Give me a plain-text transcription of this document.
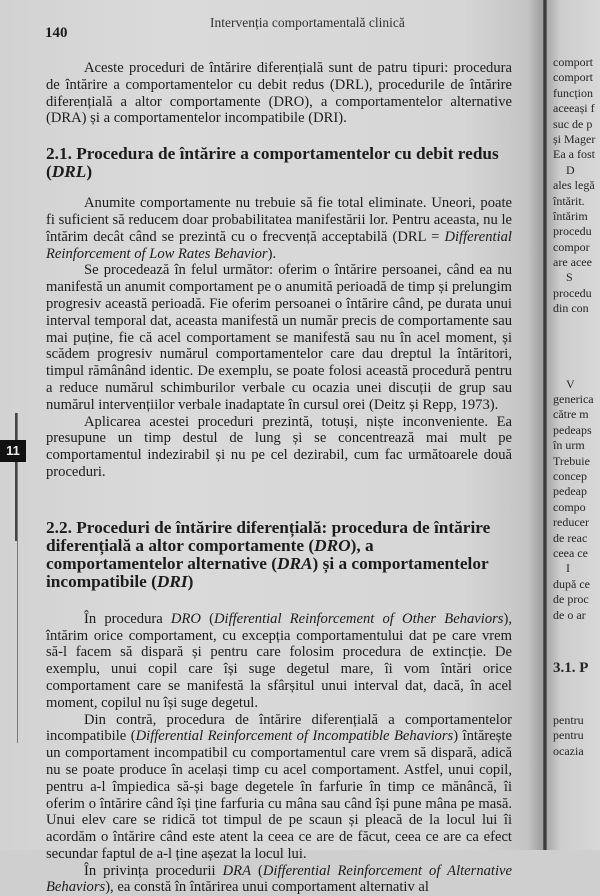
140
Intervenția comportamentală clinică
11

Aceste proceduri de întărire diferențială sunt de patru tipuri: procedura de întărire a comportamentelor cu debit redus (DRL), procedurile de întărire diferențială a altor comportamente (DRO), a comportamentelor alternative (DRA) și a comportamentelor incompatibile (DRI).

2.1. Procedura de întărire a comportamentelor cu debit redus (DRL)

Anumite comportamente nu trebuie să fie total eliminate. Uneori, poate fi suficient să reducem doar probabilitatea manifestării lor. Pentru aceasta, nu le întărim decât când se prezintă cu o frecvență acceptabilă (DRL = Differential Reinforcement of Low Rates Behavior).

Se procedează în felul următor: oferim o întărire persoanei, când ea nu manifestă un anumit comportament pe o anumită perioadă de timp și prelungim progresiv această perioadă. Fie oferim persoanei o întărire când, pe durata unui interval temporal dat, aceasta manifestă un număr precis de comportamente sau mai puține, fie că acel comportament se manifestă sau nu în acel moment, și scădem progresiv numărul comportamentelor care dau dreptul la întăritori, timpul rămânând identic. De exemplu, se poate folosi această procedură pentru a reduce numărul schimburilor verbale cu ocazia unei discuții de grup sau numărul intervențiilor verbale inadaptate în cursul orei (Deitz și Repp, 1973).

Aplicarea acestei proceduri prezintă, totuși, niște inconveniente. Ea presupune un timp destul de lung și se concentrează mai mult pe comportamentul indezirabil și nu pe cel dezirabil, cum fac următoarele două proceduri.

2.2. Proceduri de întărire diferențială: procedura de întărire diferențială a altor comportamente (DRO), a comportamentelor alternative (DRA) și a comportamentelor incompatibile (DRI)

În procedura DRO (Differential Reinforcement of Other Behaviors), întărim orice comportament, cu excepția comportamentului dat pe care vrem să-l facem să dispară și pentru care folosim procedura de extincție. De exemplu, unui copil care își suge degetul mare, îi vom întări orice comportament care se manifestă la sfârșitul unui interval dat, dacă, în acel moment, copilul nu își suge degetul.

Din contră, procedura de întărire diferențială a comportamentelor incompatibile (Differential Reinforcement of Incompatible Behaviors) întărește un comportament incompatibil cu comportamentul care vrem să dispară, adică nu se poate produce în același timp cu acel comportament. Astfel, unui copil, pentru a-l împiedica să-și bage degetele în farfurie în timp ce mănâncă, îi oferim o întărire când își ține farfuria cu mâna sau când își pune mâna pe masă. Unui elev care se ridică tot timpul de pe scaun și pleacă de la locul lui îi acordăm o întărire când este atent la ceea ce are de făcut, ceea ce are ca efect secundar faptul de a-l ține așezat la locul lui.

În privința procedurii DRA (Differential Reinforcement of Alternative Behaviors), ea constă în întărirea unui comportament alternativ al

comport
comport
funcțion
aceeași f
suc de p
și Mager
Ea a fost
D
ales legă
întărit.
întărim
procedu
compor
are acee
S
procedu
din con
V
generica
către m
pedeaps
în urm
Trebuie
concep
pedeap
compo
reducer
de reac
ceea ce
I
după ce
de proc
de o ar
3.1. P
pentru
pentru
ocazia
